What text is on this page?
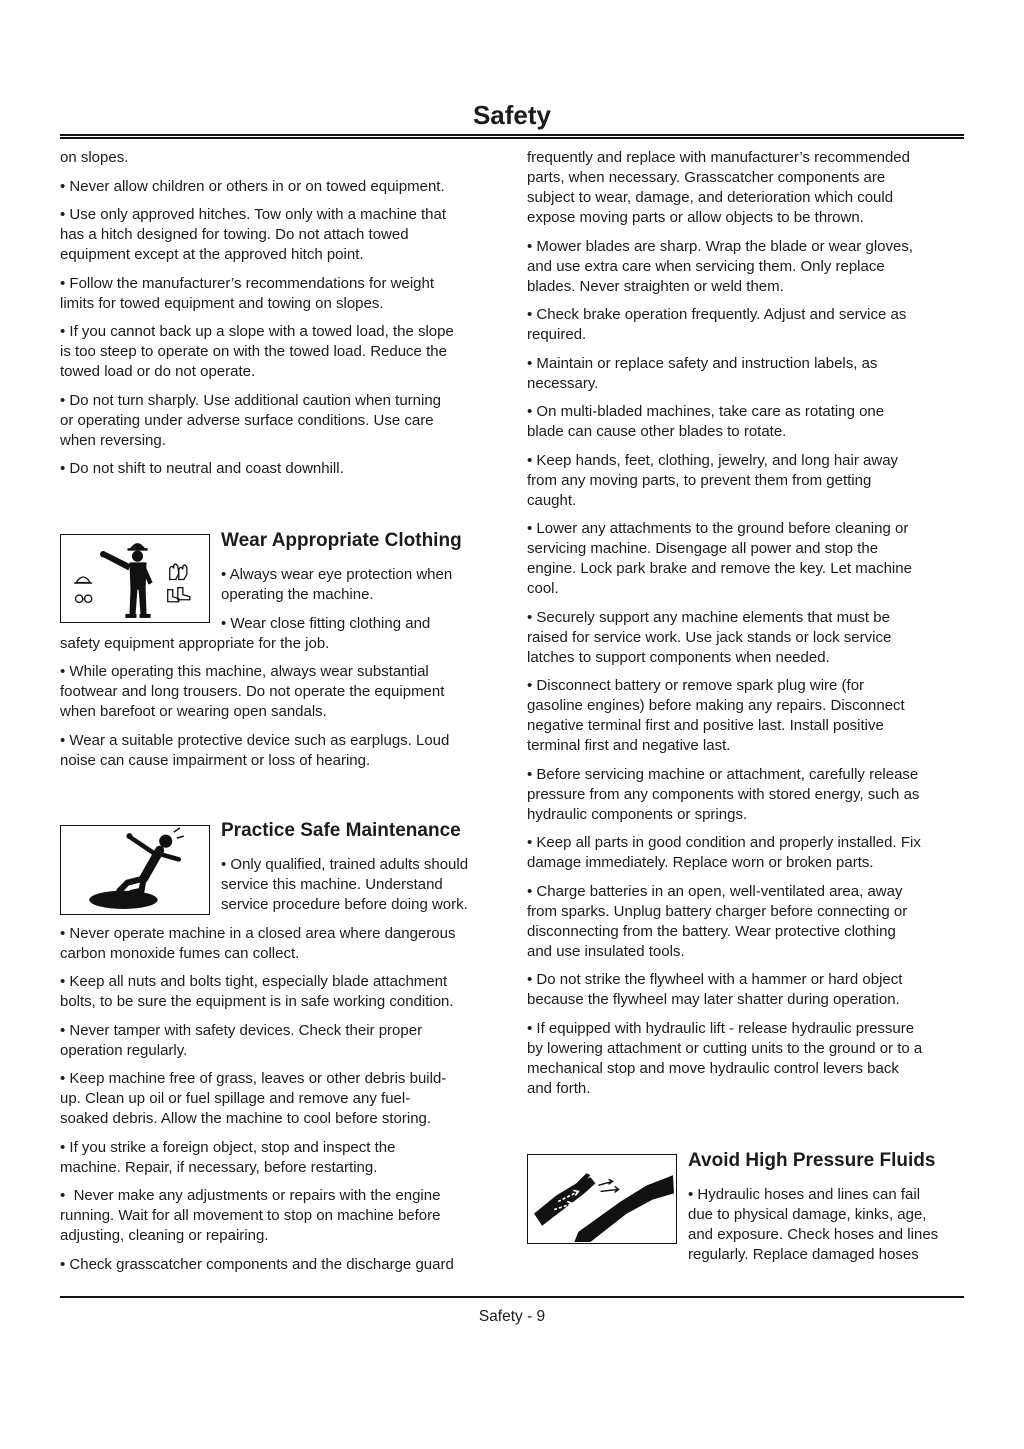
Safety

on slopes.

• Never allow children or others in or on towed equipment.

• Use only approved hitches. Tow only with a machine that
has a hitch designed for towing. Do not attach towed
equipment except at the approved hitch point.

• Follow the manufacturer’s recommendations for weight
limits for towed equipment and towing on slopes.

• If you cannot back up a slope with a towed load, the slope
is too steep to operate on with the towed load. Reduce the
towed load or do not operate.

• Do not turn sharply. Use additional caution when turning
or operating under adverse surface conditions. Use care
when reversing.

• Do not shift to neutral and coast downhill.

Wear Appropriate Clothing

• Always wear eye protection when
operating the machine.

• Wear close fitting clothing and
safety equipment appropriate for the job.

• While operating this machine, always wear substantial
footwear and long trousers. Do not operate the equipment
when barefoot or wearing open sandals.

• Wear a suitable protective device such as earplugs. Loud
noise can cause impairment or loss of hearing.

Practice Safe Maintenance

• Only qualified, trained adults should
service this machine. Understand
service procedure before doing work.

• Never operate machine in a closed area where dangerous
carbon monoxide fumes can collect.

• Keep all nuts and bolts tight, especially blade attachment
bolts, to be sure the equipment is in safe working condition.

• Never tamper with safety devices. Check their proper
operation regularly.

• Keep machine free of grass, leaves or other debris build-
up. Clean up oil or fuel spillage and remove any fuel-
soaked debris. Allow the machine to cool before storing.

• If you strike a foreign object, stop and inspect the
machine. Repair, if necessary, before restarting.

•  Never make any adjustments or repairs with the engine
running. Wait for all movement to stop on machine before
adjusting, cleaning or repairing.

• Check grasscatcher components and the discharge guard

frequently and replace with manufacturer’s recommended
parts, when necessary. Grasscatcher components are
subject to wear, damage, and deterioration which could
expose moving parts or allow objects to be thrown.

• Mower blades are sharp. Wrap the blade or wear gloves,
and use extra care when servicing them. Only replace
blades. Never straighten or weld them.

• Check brake operation frequently. Adjust and service as
required.

• Maintain or replace safety and instruction labels, as
necessary.

• On multi-bladed machines, take care as rotating one
blade can cause other blades to rotate.

• Keep hands, feet, clothing, jewelry, and long hair away
from any moving parts, to prevent them from getting
caught.

• Lower any attachments to the ground before cleaning or
servicing machine. Disengage all power and stop the
engine. Lock park brake and remove the key. Let machine
cool.

• Securely support any machine elements that must be
raised for service work. Use jack stands or lock service
latches to support components when needed.

• Disconnect battery or remove spark plug wire (for
gasoline engines) before making any repairs. Disconnect
negative terminal first and positive last. Install positive
terminal first and negative last.

• Before servicing machine or attachment, carefully release
pressure from any components with stored energy, such as
hydraulic components or springs.

• Keep all parts in good condition and properly installed. Fix
damage immediately. Replace worn or broken parts.

• Charge batteries in an open, well-ventilated area, away
from sparks. Unplug battery charger before connecting or
disconnecting from the battery. Wear protective clothing
and use insulated tools.

• Do not strike the flywheel with a hammer or hard object
because the flywheel may later shatter during operation.

• If equipped with hydraulic lift - release hydraulic pressure
by lowering attachment or cutting units to the ground or to a
mechanical stop and move hydraulic control levers back
and forth.

Avoid High Pressure Fluids

• Hydraulic hoses and lines can fail
due to physical damage, kinks, age,
and exposure. Check hoses and lines
regularly. Replace damaged hoses

Safety - 9
